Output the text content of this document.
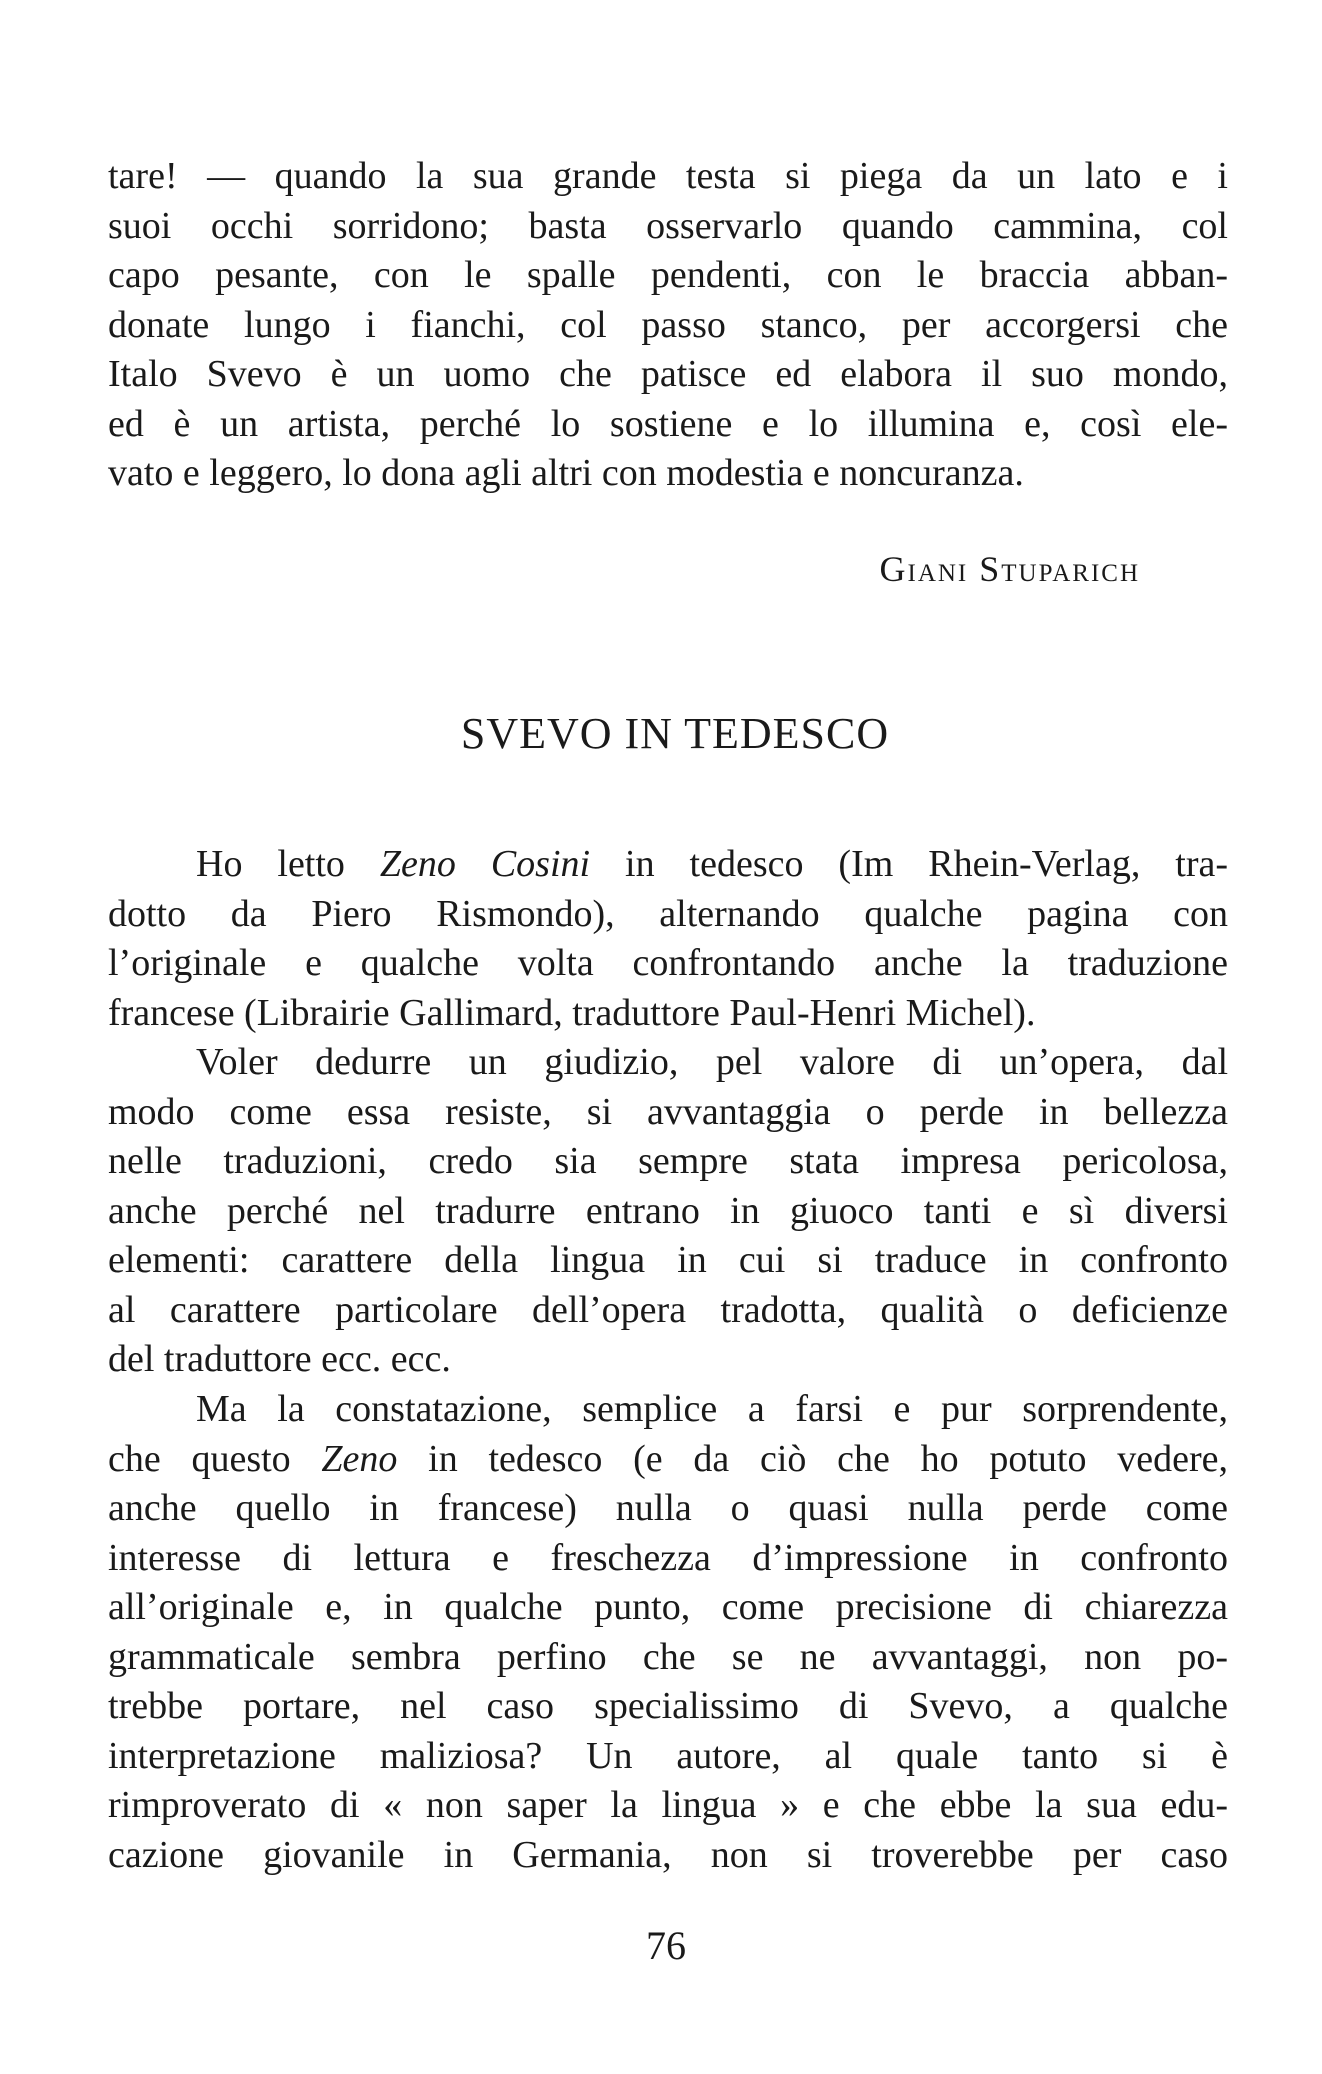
tare! — quando la sua grande testa si piega da un lato e i
suoi occhi sorridono; basta osservarlo quando cammina, col
capo pesante, con le spalle pendenti, con le braccia abban-
donate lungo i fianchi, col passo stanco, per accorgersi che
Italo Svevo è un uomo che patisce ed elabora il suo mondo,
ed è un artista, perché lo sostiene e lo illumina e, così ele-
vato e leggero, lo dona agli altri con modestia e noncuranza.
Giani Stuparich
SVEVO IN TEDESCO
Ho letto Zeno Cosini in tedesco (Im Rhein-Verlag, tra-
dotto da Piero Rismondo), alternando qualche pagina con
l’originale e qualche volta confrontando anche la traduzione
francese (Librairie Gallimard, traduttore Paul-Henri Michel).
Voler dedurre un giudizio, pel valore di un’opera, dal
modo come essa resiste, si avvantaggia o perde in bellezza
nelle traduzioni, credo sia sempre stata impresa pericolosa,
anche perché nel tradurre entrano in giuoco tanti e sì diversi
elementi: carattere della lingua in cui si traduce in confronto
al carattere particolare dell’opera tradotta, qualità o deficienze
del traduttore ecc. ecc.
Ma la constatazione, semplice a farsi e pur sorprendente,
che questo Zeno in tedesco (e da ciò che ho potuto vedere,
anche quello in francese) nulla o quasi nulla perde come
interesse di lettura e freschezza d’impressione in confronto
all’originale e, in qualche punto, come precisione di chiarezza
grammaticale sembra perfino che se ne avvantaggi, non po-
trebbe portare, nel caso specialissimo di Svevo, a qualche
interpretazione maliziosa? Un autore, al quale tanto si è
rimproverato di « non saper la lingua » e che ebbe la sua edu-
cazione giovanile in Germania, non si troverebbe per caso
76
